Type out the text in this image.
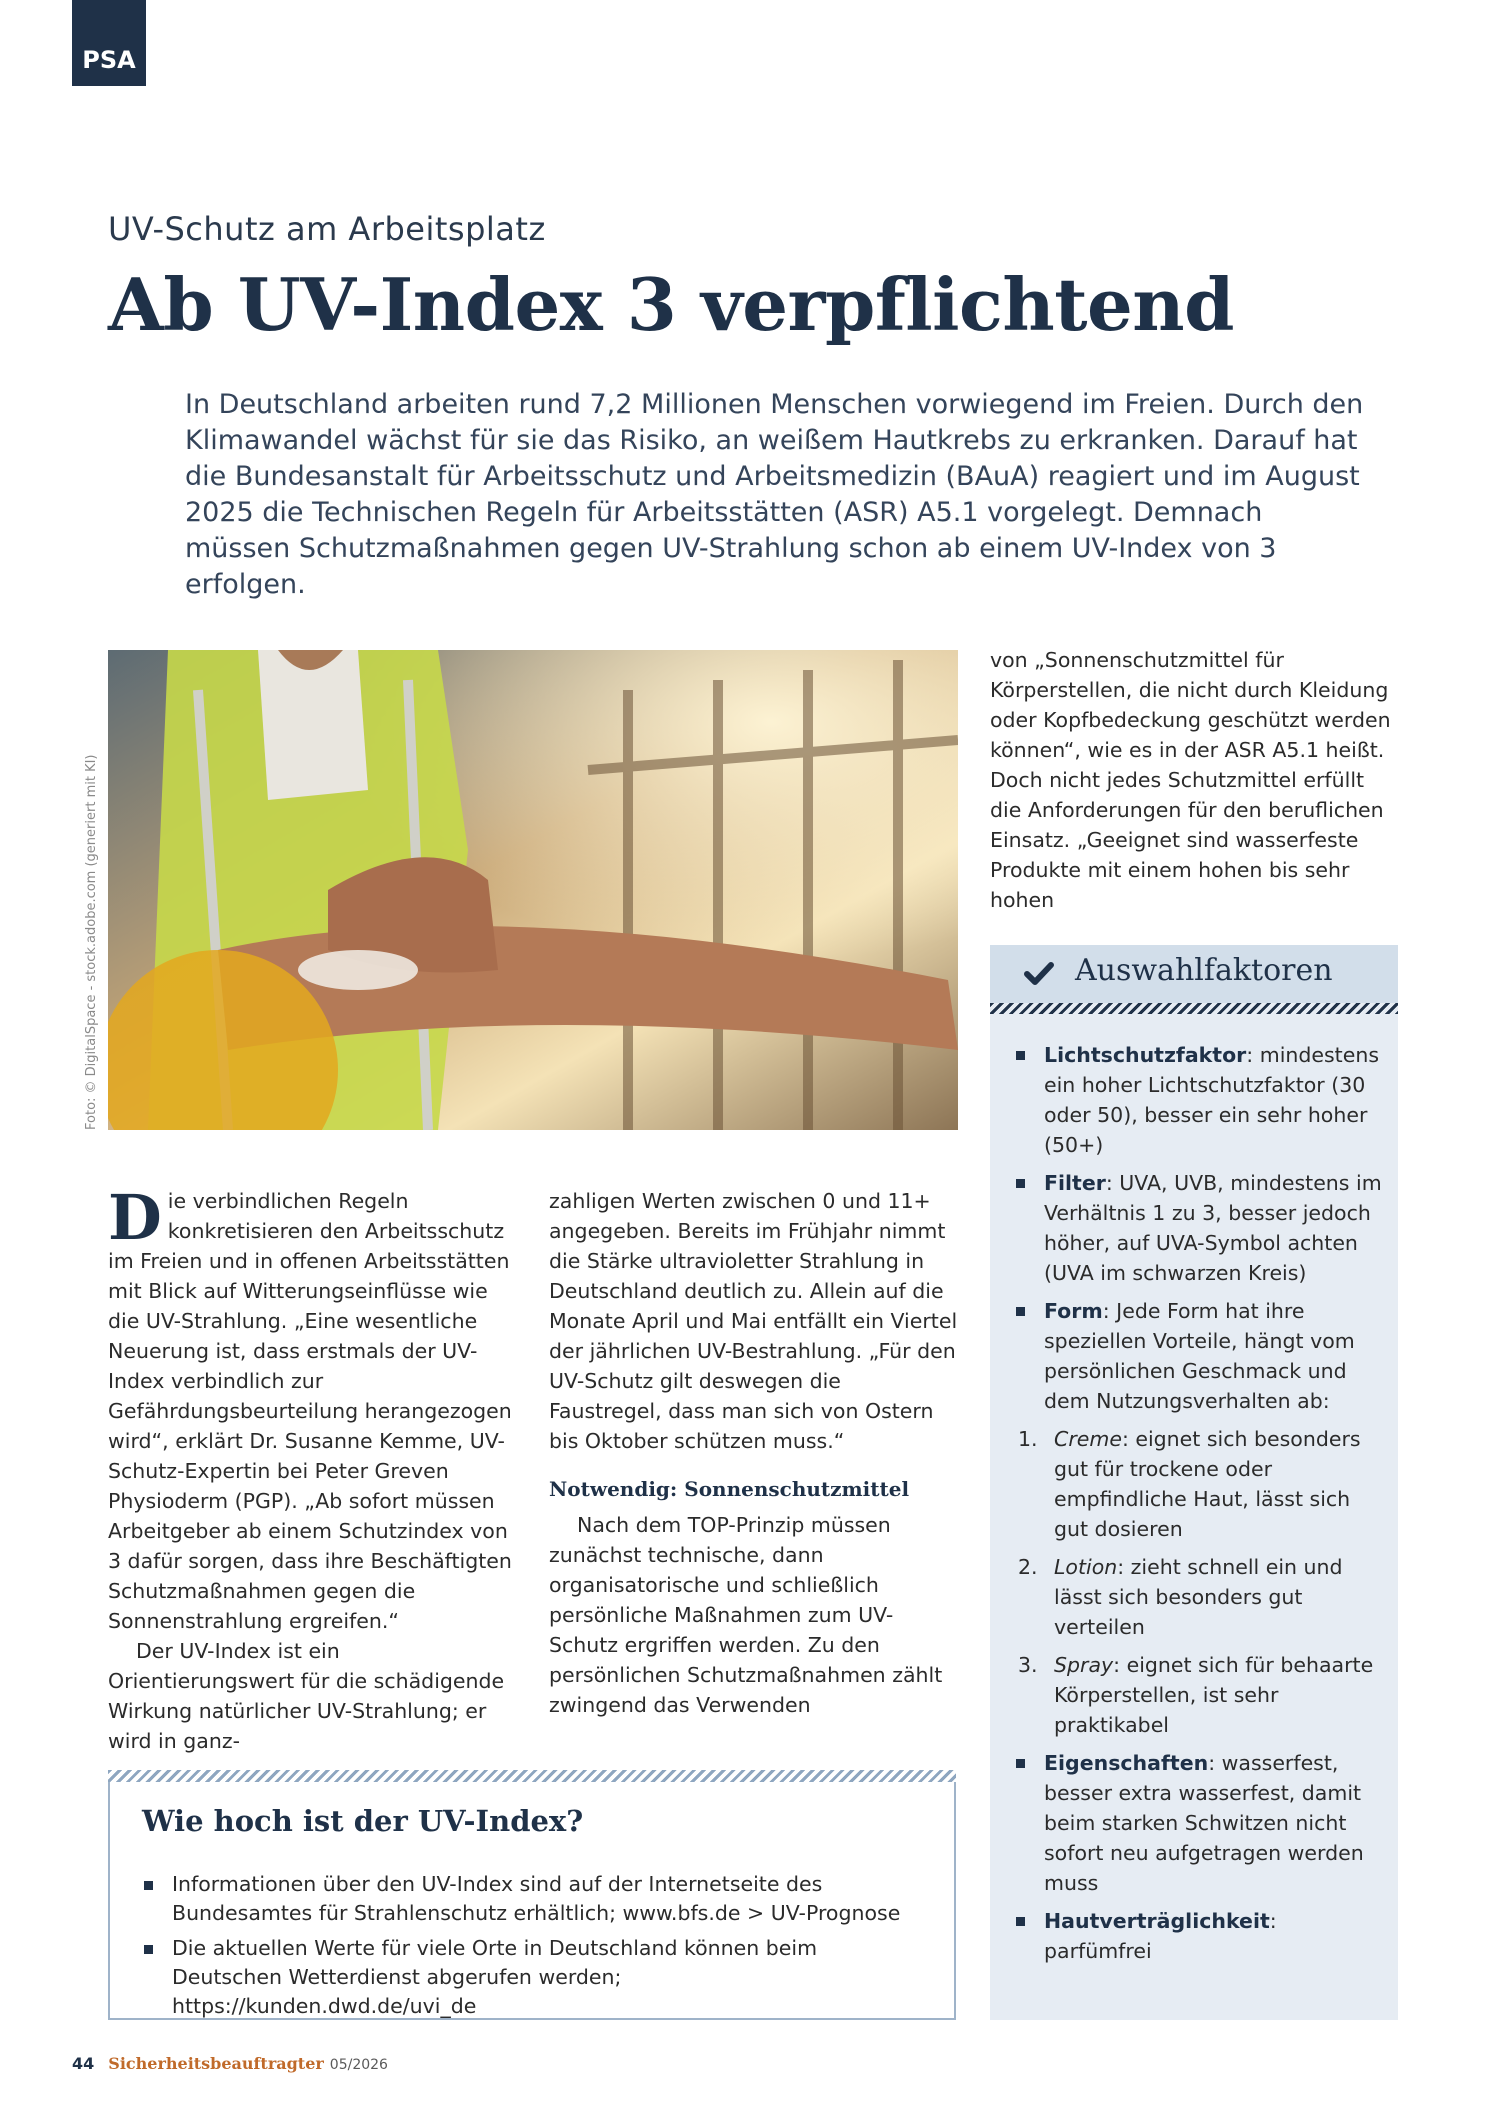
PSA
UV-Schutz am Arbeitsplatz
Ab UV-Index 3 verpflichtend
In Deutschland arbeiten rund 7,2 Millionen Menschen vorwiegend im Freien. Durch den Klimawandel wächst für sie das Risiko, an weißem Hautkrebs zu erkranken. Darauf hat die Bundesanstalt für Arbeitsschutz und Arbeitsmedizin (BAuA) reagiert und im August 2025 die Technischen Regeln für Arbeitsstätten (ASR) A5.1 vorgelegt. Demnach müssen Schutzmaßnahmen gegen UV-Strahlung schon ab einem UV-Index von 3 erfolgen.
Foto: © DigitalSpace - stock.adobe.com (generiert mit KI)

Die verbindlichen Regeln konkretisieren den Arbeitsschutz im Freien und in offenen Arbeitsstätten mit Blick auf Witterungseinflüsse wie die UV-Strahlung. „Eine wesentliche Neuerung ist, dass erstmals der UV-Index verbindlich zur Gefährdungsbeurteilung herangezogen wird“, erklärt Dr. Susanne Kemme, UV-Schutz-Expertin bei Peter Greven Physioderm (PGP). „Ab sofort müssen Arbeitgeber ab einem Schutzindex von 3 dafür sorgen, dass ihre Beschäftigten Schutzmaßnahmen gegen die Sonnenstrahlung ergreifen.“

Der UV-Index ist ein Orientierungswert für die schädigende Wirkung natürlicher UV-Strahlung; er wird in ganz-

zahligen Werten zwischen 0 und 11+ angegeben. Bereits im Frühjahr nimmt die Stärke ultravioletter Strahlung in Deutschland deutlich zu. Allein auf die Monate April und Mai entfällt ein Viertel der jährlichen UV-Bestrahlung. „Für den UV-Schutz gilt deswegen die Faustregel, dass man sich von Ostern bis Oktober schützen muss.“

Notwendig: Sonnenschutzmittel

Nach dem TOP-Prinzip müssen zunächst technische, dann organisatorische und schließlich persönliche Maßnahmen zum UV-Schutz ergriffen werden. Zu den persönlichen Schutzmaßnahmen zählt zwingend das Verwenden

von „Sonnenschutzmittel für Körperstellen, die nicht durch Kleidung oder Kopfbedeckung geschützt werden können“, wie es in der ASR A5.1 heißt. Doch nicht jedes Schutzmittel erfüllt die Anforderungen für den beruflichen Einsatz. „Geeignet sind wasserfeste Produkte mit einem hohen bis sehr hohen

Auswahlfaktoren
Lichtschutzfaktor: mindestens ein hoher Lichtschutzfaktor (30 oder 50), besser ein sehr hoher (50+)
Filter: UVA, UVB, mindestens im Verhältnis 1 zu 3, besser jedoch höher, auf UVA-Symbol achten (UVA im schwarzen Kreis)
Form: Jede Form hat ihre speziellen Vorteile, hängt vom persönlichen Geschmack und dem Nutzungsverhalten ab:
1. Creme: eignet sich besonders gut für trockene oder empfindliche Haut, lässt sich gut dosieren
2. Lotion: zieht schnell ein und lässt sich besonders gut verteilen
3. Spray: eignet sich für behaarte Körperstellen, ist sehr praktikabel
Eigenschaften: wasserfest, besser extra wasserfest, damit beim starken Schwitzen nicht sofort neu aufgetragen werden muss
Hautverträglichkeit: parfümfrei
Wie hoch ist der UV-Index?
Informationen über den UV-Index sind auf der Internetseite des Bundesamtes für Strahlenschutz erhältlich; www.bfs.de > UV-Prognose
Die aktuellen Werte für viele Orte in Deutschland können beim Deutschen Wetterdienst abgerufen werden; https://kunden.dwd.de/uvi_de
44 Sicherheitsbeauftragter 05/2026
